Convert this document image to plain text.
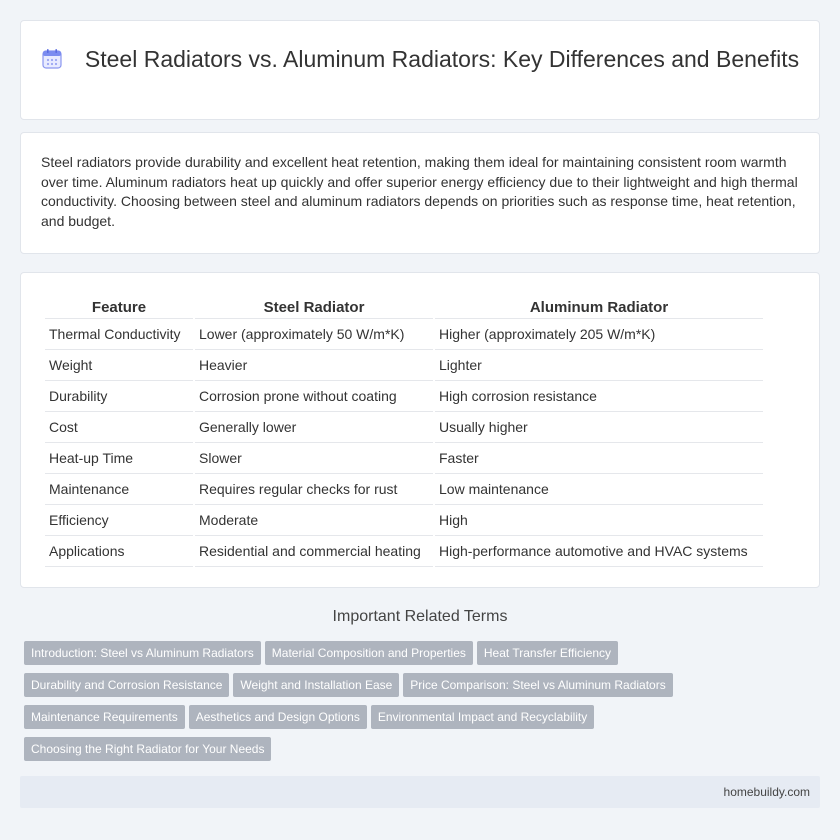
Steel Radiators vs. Aluminum Radiators: Key Differences and Benefits

Steel radiators provide durability and excellent heat retention, making them ideal for maintaining consistent room warmth over time. Aluminum radiators heat up quickly and offer superior energy efficiency due to their lightweight and high thermal conductivity. Choosing between steel and aluminum radiators depends on priorities such as response time, heat retention, and budget.

Feature	Steel Radiator	Aluminum Radiator
Thermal Conductivity	Lower (approximately 50 W/m*K)	Higher (approximately 205 W/m*K)
Weight	Heavier	Lighter
Durability	Corrosion prone without coating	High corrosion resistance
Cost	Generally lower	Usually higher
Heat-up Time	Slower	Faster
Maintenance	Requires regular checks for rust	Low maintenance
Efficiency	Moderate	High
Applications	Residential and commercial heating	High-performance automotive and HVAC systems
Important Related Terms
Introduction: Steel vs Aluminum Radiators Material Composition and Properties Heat Transfer Efficiency
Durability and Corrosion Resistance Weight and Installation Ease Price Comparison: Steel vs Aluminum Radiators
Maintenance Requirements Aesthetics and Design Options Environmental Impact and Recyclability
Choosing the Right Radiator for Your Needs
homebuildy.com
